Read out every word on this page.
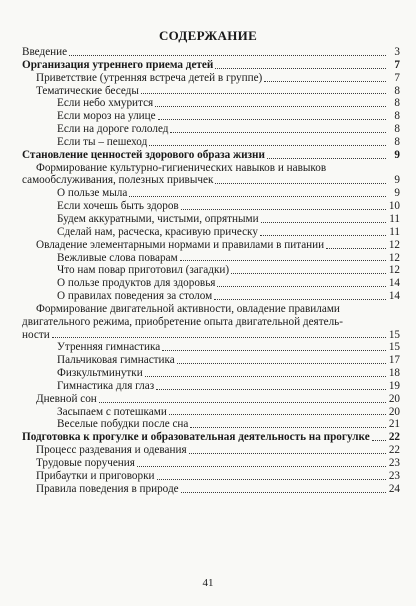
СОДЕРЖАНИЕ
Введение	3
Организация утреннего приема детей	7
Приветствие (утренняя встреча детей в группе)	7
Тематические беседы	8
Если небо хмурится	8
Если мороз на улице	8
Если на дороге гололед	8
Если ты – пешеход	8
Становление ценностей здорового образа жизни	9
Формирование культурно-гигиенических навыков и навыков
самообслуживания, полезных привычек	9
О пользе мыла	9
Если хочешь быть здоров	10
Будем аккуратными, чистыми, опрятными	11
Сделай нам, расческа, красивую прическу	11
Овладение элементарными нормами и правилами в питании	12
Вежливые слова поварам	12
Что нам повар приготовил (загадки)	12
О пользе продуктов для здоровья	14
О правилах поведения за столом	14
Формирование двигательной активности, овладение правилами
двигательного режима, приобретение опыта двигательной деятель-
ности	15
Утренняя гимнастика	15
Пальчиковая гимнастика	17
Физкультминутки	18
Гимнастика для глаз	19
Дневной сон	20
Засыпаем с потешками	20
Веселые побудки после сна	21
Подготовка к прогулке и образовательная деятельность на прогулке 22
Процесс раздевания и одевания	22
Трудовые поручения	23
Прибаутки и приговорки	23
Правила поведения в природе	24
41
